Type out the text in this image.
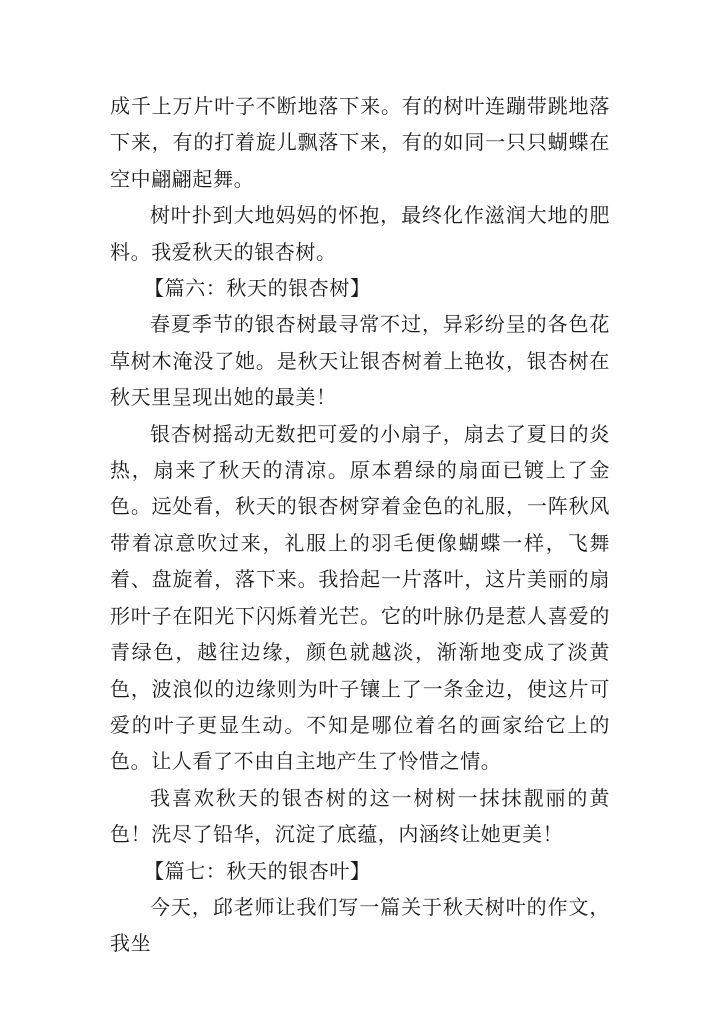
成千上万片叶子不断地落下来。有的树叶连蹦带跳地落下来，有的打着旋儿飘落下来，有的如同一只只蝴蝶在空中翩翩起舞。

树叶扑到大地妈妈的怀抱，最终化作滋润大地的肥料。我爱秋天的银杏树。

【篇六：秋天的银杏树】

春夏季节的银杏树最寻常不过，异彩纷呈的各色花草树木淹没了她。是秋天让银杏树着上艳妆，银杏树在秋天里呈现出她的最美！

银杏树摇动无数把可爱的小扇子，扇去了夏日的炎热，扇来了秋天的清凉。原本碧绿的扇面已镀上了金色。远处看，秋天的银杏树穿着金色的礼服，一阵秋风带着凉意吹过来，礼服上的羽毛便像蝴蝶一样，飞舞着、盘旋着，落下来。我拾起一片落叶，这片美丽的扇形叶子在阳光下闪烁着光芒。它的叶脉仍是惹人喜爱的青绿色，越往边缘，颜色就越淡，渐渐地变成了淡黄色，波浪似的边缘则为叶子镶上了一条金边，使这片可爱的叶子更显生动。不知是哪位着名的画家给它上的色。让人看了不由自主地产生了怜惜之情。

我喜欢秋天的银杏树的这一树树一抹抹靓丽的黄色！洗尽了铅华，沉淀了底蕴，内涵终让她更美！

【篇七：秋天的银杏叶】

今天，邱老师让我们写一篇关于秋天树叶的作文，我坐
